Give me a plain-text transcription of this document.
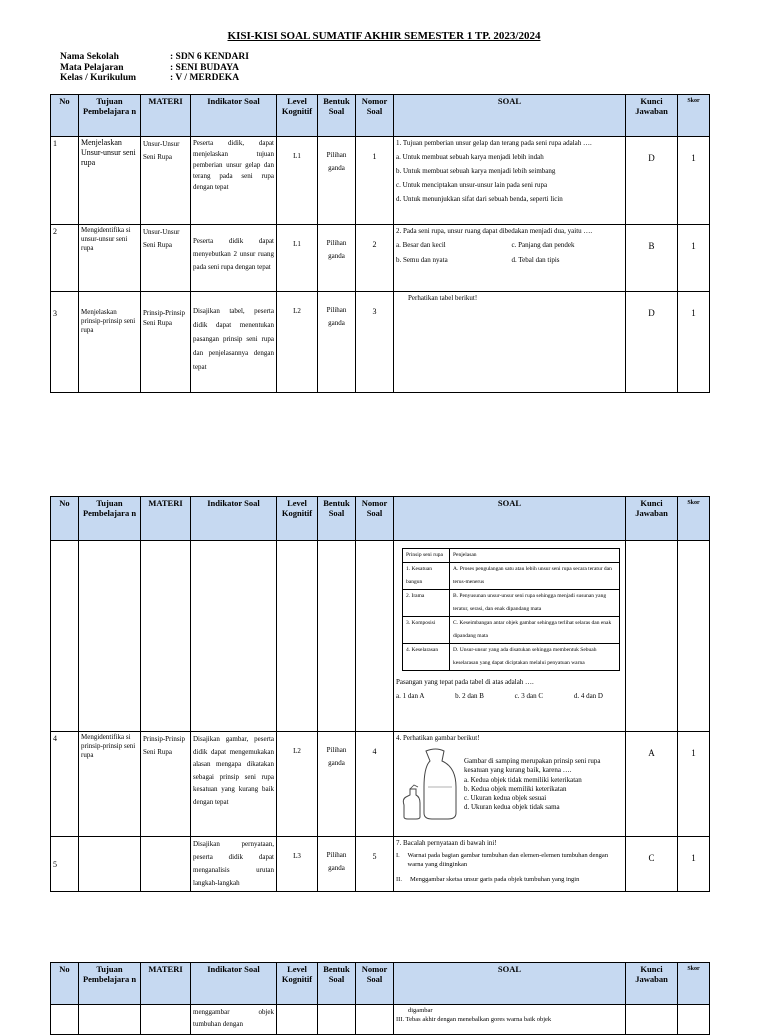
KISI-KISI SOAL SUMATIF AKHIR SEMESTER 1 TP. 2023/2024
Nama Sekolah	: SDN 6 KENDARI
Mata Pelajaran	: SENI BUDAYA
Kelas / Kurikulum	: V / MERDEKA
No	Tujuan Pembelajara n	MATERI	Indikator Soal	Level Kognitif	Bentuk Soal	Nomor Soal	SOAL	Kunci Jawaban	Skor
1	Menjelaskan Unsur-unsur seni rupa	Unsur-Unsur Seni Rupa	Peserta didik, dapat menjelaskan tujuan pemberian unsur gelap dan terang pada seni rupa dengan tepat	L1	Pilihan ganda	1	1. Tujuan pemberian unsur gelap dan terang pada seni rupa adalah ….

a. Untuk membuat sebuah karya menjadi lebih indah

b. Untuk membuat sebuah karya menjadi lebih seimbang

c. Untuk menciptakan unsur-unsur lain pada seni rupa

d. Untuk menunjukkan sifat dari sebuah benda, seperti licin	D	1
2	Mengidentifika si unsur-unsur seni rupa	Unsur-Unsur Seni Rupa	Peserta didik dapat menyebutkan 2 unsur ruang pada seni rupa dengan tepat	L1	Pilihan ganda	2	2. Pada seni rupa, unsur ruang dapat dibedakan menjadi dua, yaitu ….

a. Besar dan kecil c. Panjang dan pendek
b. Semu dan nyata d. Tebal dan tipis	B	1
3	Menjelaskan prinsip-prinsip seni rupa	Prinsip-Prinsip Seni Rupa	Disajikan tabel, peserta didik dapat menentukan pasangan prinsip seni rupa dan penjelasannya dengan tepat	L2	Pilihan ganda	3	Perhatikan tabel berikut!	D	1
No	Tujuan Pembelajara n	MATERI	Indikator Soal	Level Kognitif	Bentuk Soal	Nomor Soal	SOAL	Kunci Jawaban	Skor

Prinsip seni rupa	Penjelasan
1. Kesatuan bangun	A. Proses pengulangan satu atau lebih unsur seni rupa secara teratur dan terus-menerus
2. Irama	B. Penyusunan unsur-unsur seni rupa sehingga menjadi susunan yang teratur, serasi, dan enak dipandang mata
3. Komposisi	C. Keseimbangan antar objek gambar sehingga terlihat selaras dan enak dipandang mata
4. Keselarasan	D. Unsur-unsur yang ada disatukan sehingga membentuk Sebuah keselarasan yang dapat diciptakan melalui penyatuan warna

Pasangan yang tepat pada tabel di atas adalah ….

a. 1 dan A	b. 2 dan B	c. 3 dan C	d. 4 dan D

4	Mengidentifika si prinsip-prinsip seni rupa	Prinsip-Prinsip Seni Rupa	Disajikan gambar, peserta didik dapat mengemukakan alasan mengapa dikatakan sebagai prinsip seni rupa kesatuan yang kurang baik dengan tepat	L2	Pilihan ganda	4	

4. Perhatikan gambar berikut!

Gambar di samping merupakan prinsip seni rupa kesatuan yang kurang baik, karena ….

a. Kedua objek tidak memiliki keterikatan

b. Kedua objek memiliki keterikatan

c. Ukuran kedua objek sesuai

d. Ukuran kedua objek tidak sama

	A	1
5			Disajikan pernyataan, peserta didik dapat menganalisis urutan langkah-langkah	L3	Pilihan ganda	5	

7. Bacalah pernyataan di bawah ini!

I.	Warnai pada bagian gambar tumbuhan dan elemen-elemen tumbuhan dengan warna yang diinginkan
II.	Menggambar sketsa unsur garis pada objek tumbuhan yang ingin
	C	1
No	Tujuan Pembelajara n	MATERI	Indikator Soal	Level Kognitif	Bentuk Soal	Nomor Soal	SOAL	Kunci Jawaban	Skor
			menggambar objek tumbuhan dengan				digambar

III. Tebas akhir dengan menebalkan gores warna baik objek		
